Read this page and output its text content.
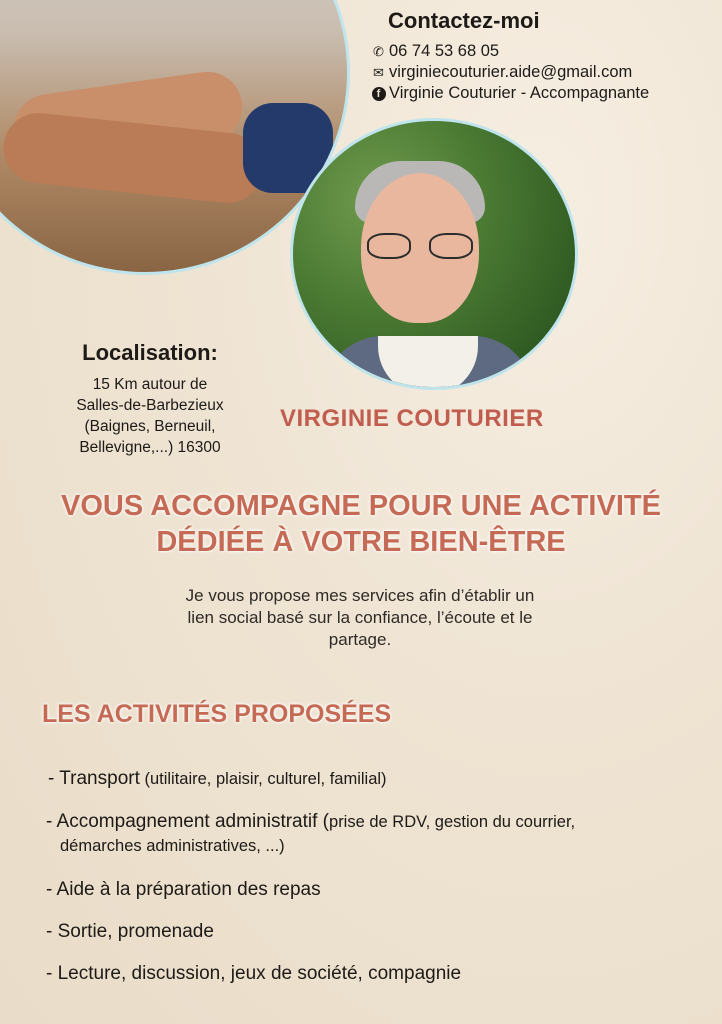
Contactez-moi
✆ 06 74 53 68 05
✉ virginiecouturier.aide@gmail.com
f Virginie Couturier - Accompagnante
Localisation:

15 Km autour de

Salles-de-Barbezieux

(Baignes, Berneuil,

Bellevigne,...) 16300

VIRGINIE COUTURIER
VOUS ACCOMPAGNE POUR UNE ACTIVITÉ
DÉDIÉE À VOTRE BIEN-ÊTRE
Je vous propose mes services afin d’établir un
lien social basé sur la confiance, l’écoute et le
partage.
LES ACTIVITÉS PROPOSÉES
- Transport (utilitaire, plaisir, culturel, familial)
- Accompagnement administratif (prise de RDV, gestion du courrier,
démarches administratives, ...)
- Aide à la préparation des repas
- Sortie, promenade
- Lecture, discussion, jeux de société, compagnie
